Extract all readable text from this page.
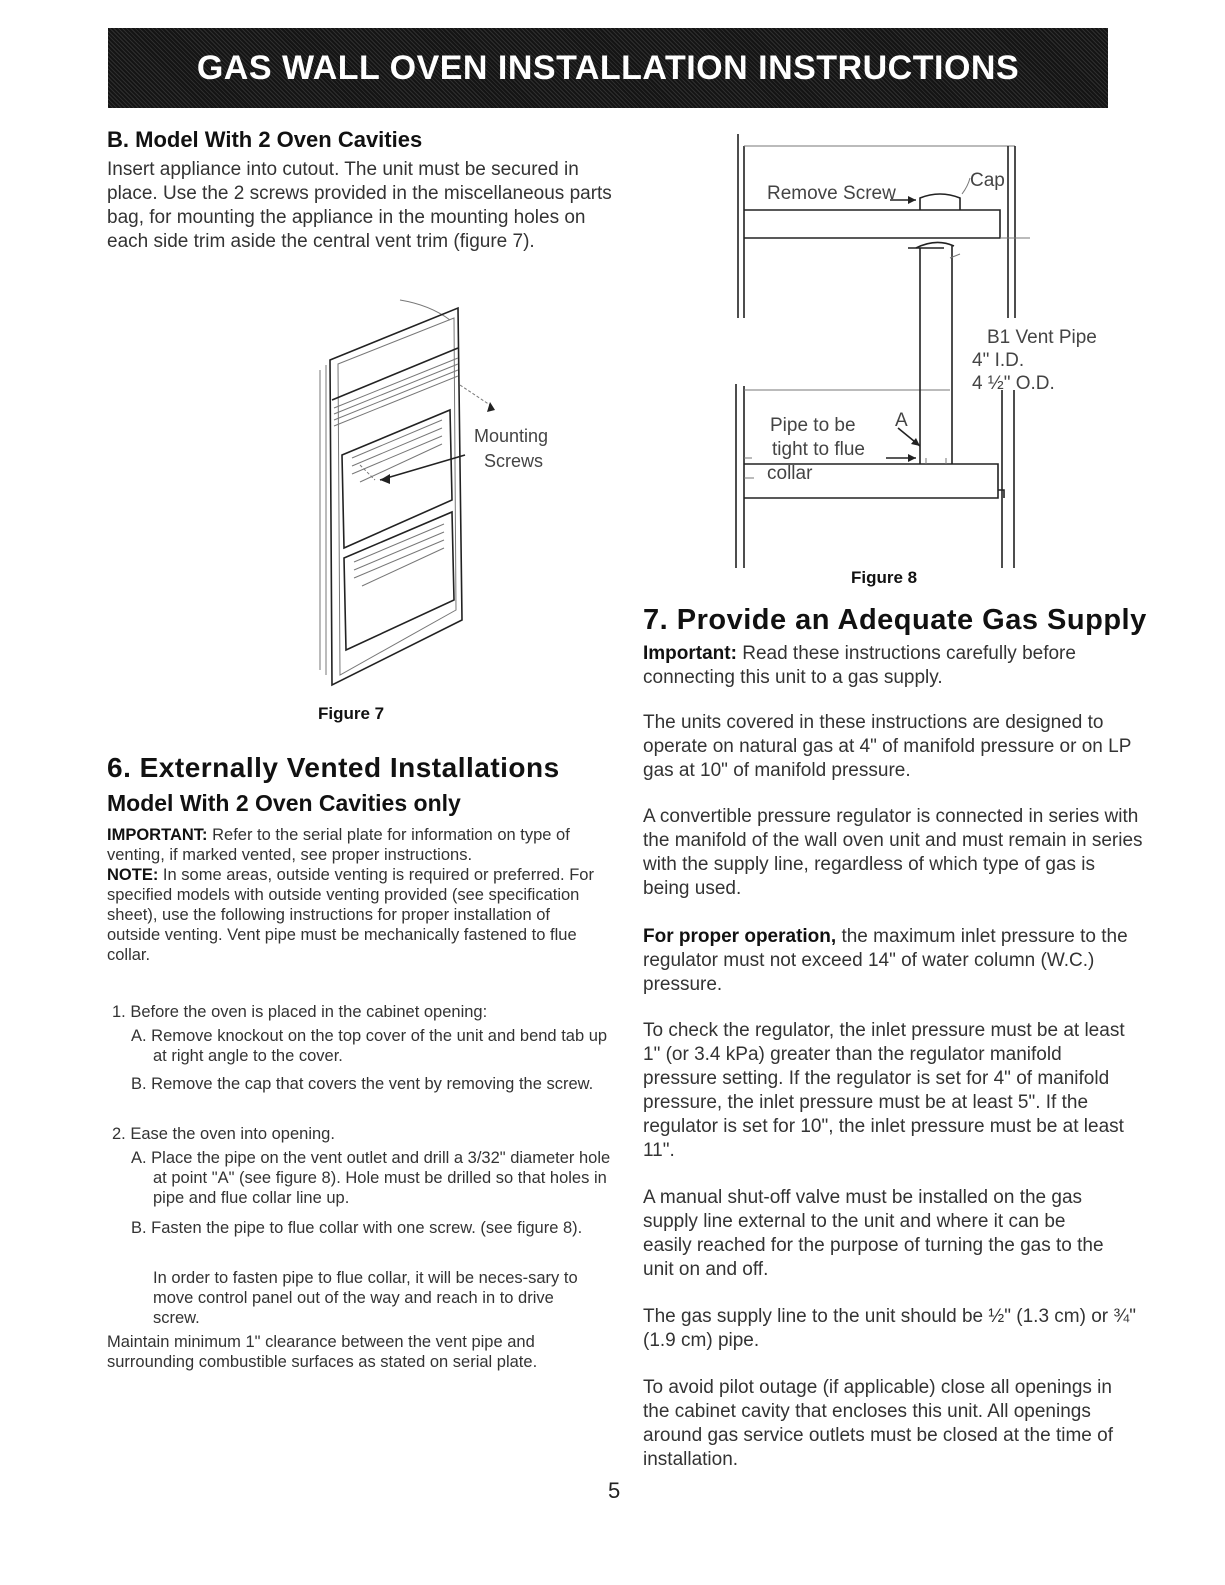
GAS WALL OVEN INSTALLATION INSTRUCTIONS
B. Model With 2 Oven Cavities

Insert appliance into cutout. The unit must be secured in place. Use the 2 screws provided in the miscellaneous parts bag, for mounting the appliance in the mounting holes on each side trim aside the central vent trim (figure 7).

Mounting
Screws
Figure 7
6. Externally Vented Installations
Model With 2 Oven Cavities only

IMPORTANT: Refer to the serial plate for information on type of venting, if marked vented, see proper instructions.

NOTE: In some areas, outside venting is required or preferred. For specified models with outside venting provided (see specification sheet), use the following instructions for proper installation of outside venting. Vent pipe must be mechanically fastened to flue collar.

1. Before the oven is placed in the cabinet opening:

A. Remove knockout on the top cover of the unit and bend tab up at right angle to the cover.

B. Remove the cap that covers the vent by removing the screw.

2. Ease the oven into opening.

A. Place the pipe on the vent outlet and drill a 3/32" diameter hole at point "A" (see figure 8). Hole must be drilled so that holes in pipe and flue collar line up.

B. Fasten the pipe to flue collar with one screw. (see figure 8).

In order to fasten pipe to flue collar, it will be neces-sary to move control panel out of the way and reach in to drive screw.

Maintain minimum 1" clearance between the vent pipe and surrounding combustible surfaces as stated on serial plate.

Remove Screw
Cap
B1 Vent Pipe
4" I.D.
4 ½" O.D.
A
Pipe to be
tight to flue
collar
Figure 8
7. Provide an Adequate Gas Supply

Important: Read these instructions carefully before connecting this unit to a gas supply.

The units covered in these instructions are designed to operate on natural gas at 4" of manifold pressure or on LP gas at 10" of manifold pressure.

A convertible pressure regulator is connected in series with the manifold of the wall oven unit and must remain in series with the supply line, regardless of which type of gas is being used.

For proper operation, the maximum inlet pressure to the regulator must not exceed 14" of water column (W.C.) pressure.

To check the regulator, the inlet pressure must be at least 1" (or 3.4 kPa) greater than the regulator manifold pressure setting. If the regulator is set for 4" of manifold pressure, the inlet pressure must be at least 5". If the regulator is set for 10", the inlet pressure must be at least 11".

A manual shut-off valve must be installed on the gas supply line external to the unit and where it can be easily reached for the purpose of turning the gas to the unit on and off.

The gas supply line to the unit should be ½" (1.3 cm) or ¾" (1.9 cm) pipe.

To avoid pilot outage (if applicable) close all openings in the cabinet cavity that encloses this unit. All openings around gas service outlets must be closed at the time of installation.

5
